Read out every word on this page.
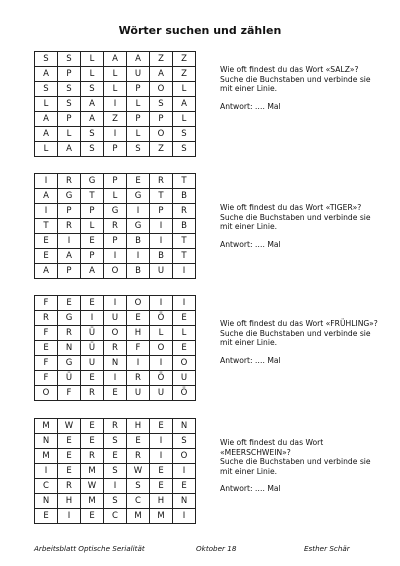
Wörter suchen und zählen
S	S	L	A	A	Z	Z
A	P	L	L	U	A	Z
S	S	S	L	P	O	L
L	S	A	I	L	S	A
A	P	A	Z	P	P	L
A	L	S	I	L	O	S
L	A	S	P	S	Z	S

Wie oft findest du das Wort «SALZ»?

Suche die Buchstaben und verbinde sie

mit einer Linie.

Antwort: …. Mal

I	R	G	P	E	R	T
A	G	T	L	G	T	B
I	P	P	G	I	P	R
T	R	L	R	G	I	B
E	I	E	P	B	I	T
E	A	P	I	I	B	T
A	P	A	O	B	U	I

Wie oft findest du das Wort «TIGER»?

Suche die Buchstaben und verbinde sie

mit einer Linie.

Antwort: …. Mal

F	E	E	I	O	I	I
R	G	I	U	E	Ö	E
F	R	Ü	O	H	L	L
E	N	Ü	R	F	O	E
F	G	U	N	I	I	O
F	Ü	E	I	R	Ö	U
O	F	R	E	U	U	Ö

Wie oft findest du das Wort «FRÜHLING»?

Suche die Buchstaben und verbinde sie

mit einer Linie.

Antwort: …. Mal

M	W	E	R	H	E	N
N	E	E	S	E	I	S
M	E	R	E	R	I	O
I	E	M	S	W	E	I
C	R	W	I	S	E	E
N	H	M	S	C	H	N
E	I	E	C	M	M	I

Wie oft findest du das Wort

«MEERSCHWEIN»?

Suche die Buchstaben und verbinde sie

mit einer Linie.

Antwort: …. Mal

Arbeitsblatt Optische Serialität	Oktober 18	Esther Schär
